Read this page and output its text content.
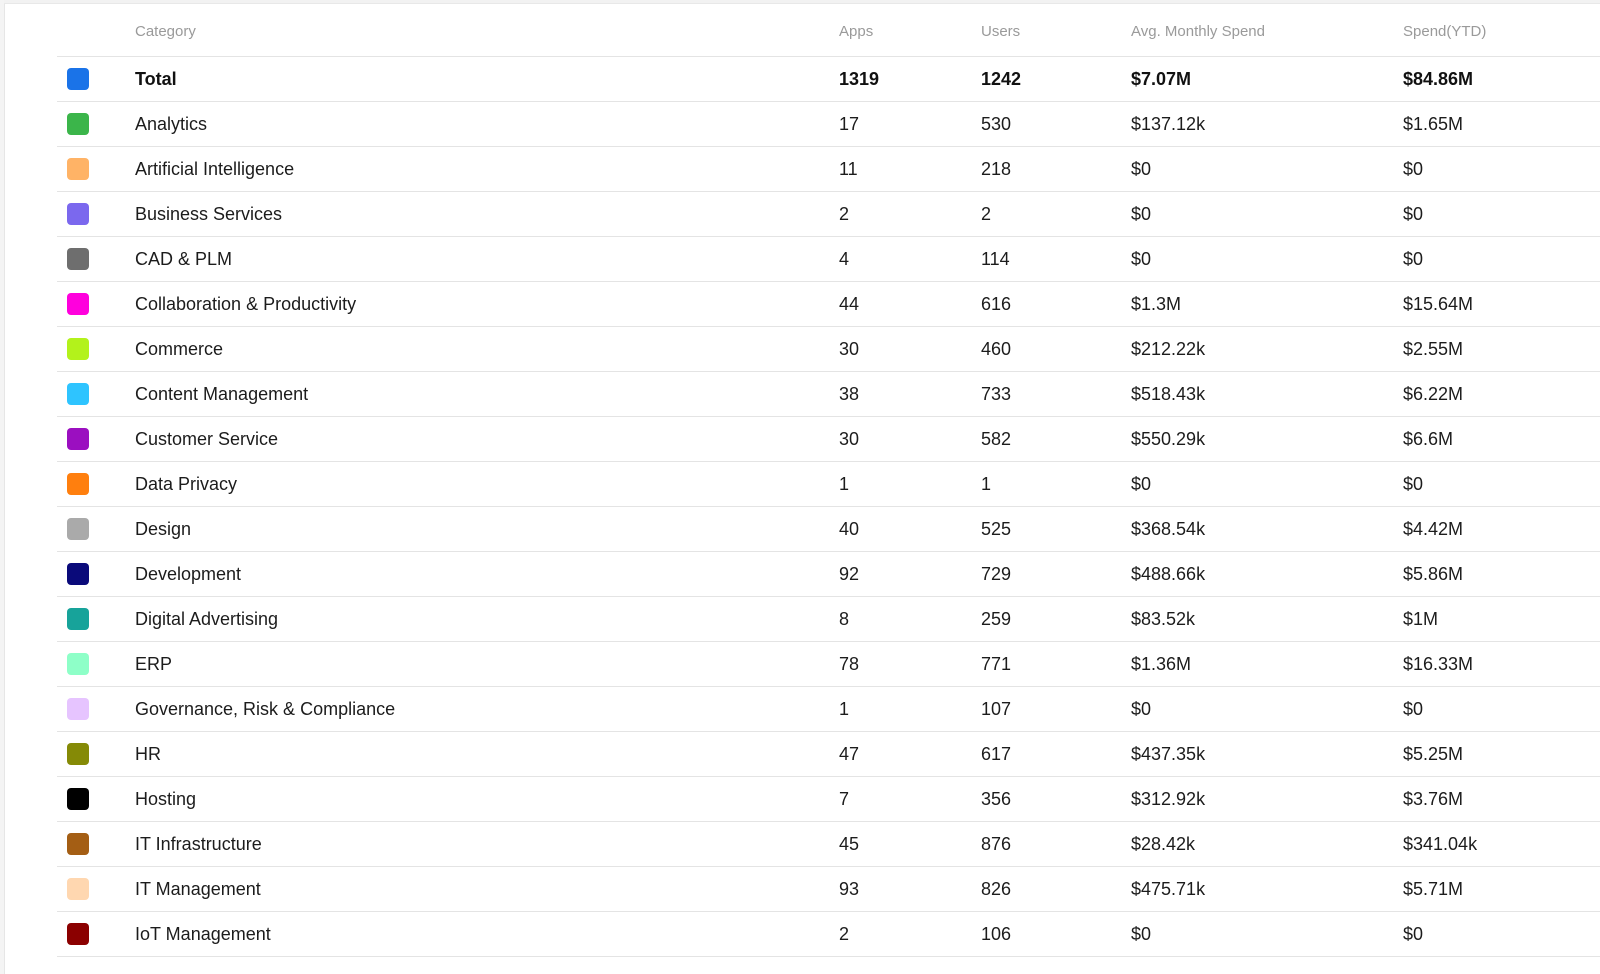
	Category	Apps	Users	Avg. Monthly Spend	Spend(YTD)
	Total	1319	1242	$7.07M	$84.86M
	Analytics	17	530	$137.12k	$1.65M
	Artificial Intelligence	11	218	$0	$0
	Business Services	2	2	$0	$0
	CAD & PLM	4	114	$0	$0
	Collaboration & Productivity	44	616	$1.3M	$15.64M
	Commerce	30	460	$212.22k	$2.55M
	Content Management	38	733	$518.43k	$6.22M
	Customer Service	30	582	$550.29k	$6.6M
	Data Privacy	1	1	$0	$0
	Design	40	525	$368.54k	$4.42M
	Development	92	729	$488.66k	$5.86M
	Digital Advertising	8	259	$83.52k	$1M
	ERP	78	771	$1.36M	$16.33M
	Governance, Risk & Compliance	1	107	$0	$0
	HR	47	617	$437.35k	$5.25M
	Hosting	7	356	$312.92k	$3.76M
	IT Infrastructure	45	876	$28.42k	$341.04k
	IT Management	93	826	$475.71k	$5.71M
	IoT Management	2	106	$0	$0
